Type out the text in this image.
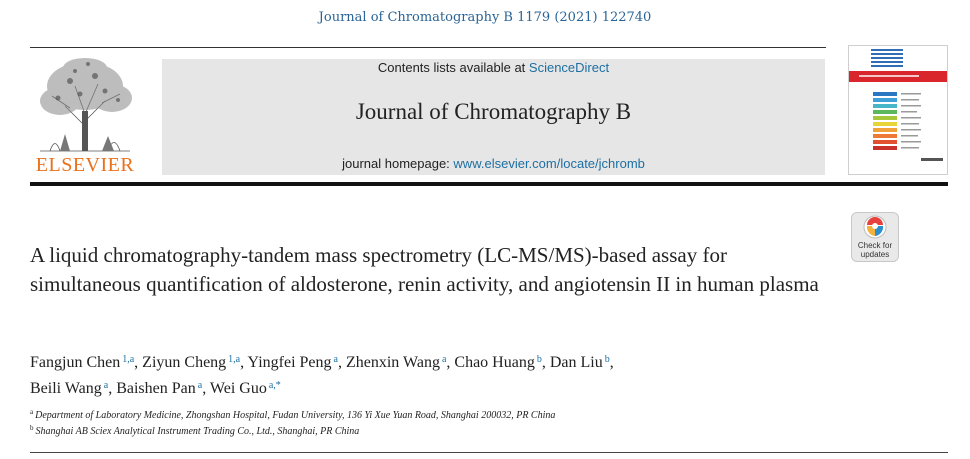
Journal of Chromatography B 1179 (2021) 122740
ELSEVIER
Contents lists available at ScienceDirect
Journal of Chromatography B
journal homepage: www.elsevier.com/locate/jchromb
Check for
updates
A liquid chromatography-tandem mass spectrometry (LC-MS/MS)-based assay for simultaneous quantification of aldosterone, renin activity, and angiotensin II in human plasma
Fangjun Chen $^{1,a}$, Ziyun Cheng $^{1,a}$, Yingfei Peng $^a$, Zhenxin Wang $^a$, Chao Huang $^b$, Dan Liu $^b$,
Beili Wang $^a$, Baishen Pan $^a$, Wei Guo $^{a,*}$
$^a$ Department of Laboratory Medicine, Zhongshan Hospital, Fudan University, 136 Yi Xue Yuan Road, Shanghai 200032, PR China
$^b$ Shanghai AB Sciex Analytical Instrument Trading Co., Ltd., Shanghai, PR China
